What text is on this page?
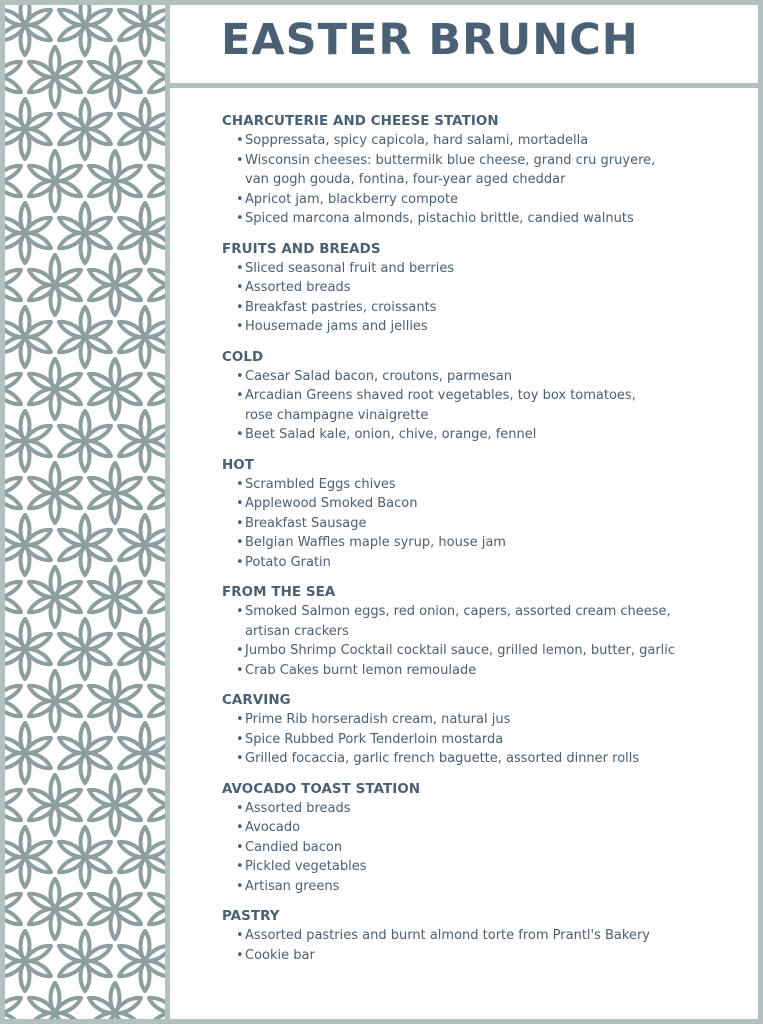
EASTER BRUNCH
CHARCUTERIE AND CHEESE STATION
• Soppressata, spicy capicola, hard salami, mortadella
• Wisconsin cheeses: buttermilk blue cheese, grand cru gruyere,
van gogh gouda, fontina, four-year aged cheddar
• Apricot jam, blackberry compote
• Spiced marcona almonds, pistachio brittle, candied walnuts
FRUITS AND BREADS
• Sliced seasonal fruit and berries
• Assorted breads
• Breakfast pastries, croissants
• Housemade jams and jellies
COLD
• Caesar Salad bacon, croutons, parmesan
• Arcadian Greens shaved root vegetables, toy box tomatoes,
rose champagne vinaigrette
• Beet Salad kale, onion, chive, orange, fennel
HOT
• Scrambled Eggs chives
• Applewood Smoked Bacon
• Breakfast Sausage
• Belgian Waffles maple syrup, house jam
• Potato Gratin
FROM THE SEA
• Smoked Salmon eggs, red onion, capers, assorted cream cheese,
artisan crackers
• Jumbo Shrimp Cocktail cocktail sauce, grilled lemon, butter, garlic
• Crab Cakes burnt lemon remoulade
CARVING
• Prime Rib horseradish cream, natural jus
• Spice Rubbed Pork Tenderloin mostarda
• Grilled focaccia, garlic french baguette, assorted dinner rolls
AVOCADO TOAST STATION
• Assorted breads
• Avocado
• Candied bacon
• Pickled vegetables
• Artisan greens
PASTRY
• Assorted pastries and burnt almond torte from Prantl's Bakery
• Cookie bar
